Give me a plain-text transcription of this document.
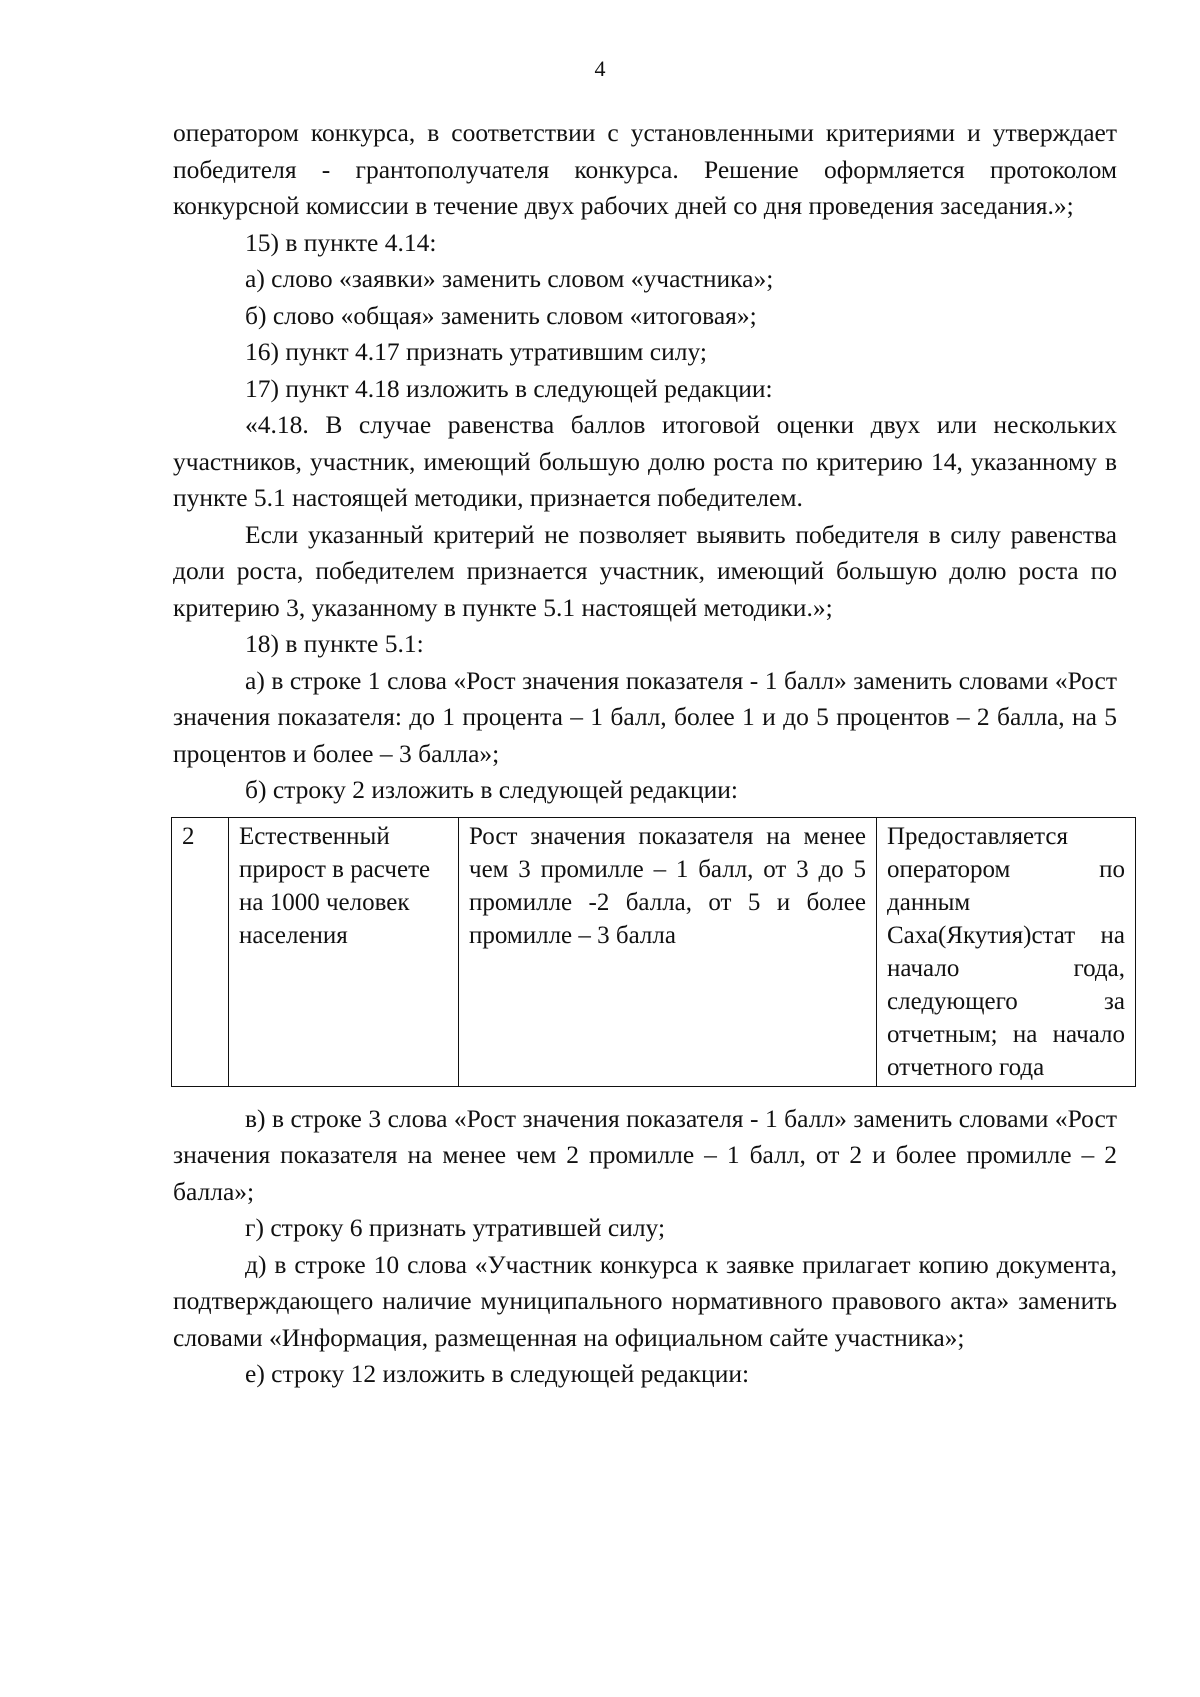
4

оператором конкурса, в соответствии с установленными критериями и утверждает победителя - грантополучателя конкурса. Решение оформляется протоколом конкурсной комиссии в течение двух рабочих дней со дня проведения заседания.»;

15) в пункте 4.14:

а) слово «заявки» заменить словом «участника»;

б) слово «общая» заменить словом «итоговая»;

16) пункт 4.17 признать утратившим силу;

17) пункт 4.18 изложить в следующей редакции:

«4.18. В случае равенства баллов итоговой оценки двух или нескольких участников, участник, имеющий большую долю роста по критерию 14, указанному в пункте 5.1 настоящей методики, признается победителем.

Если указанный критерий не позволяет выявить победителя в силу равенства доли роста, победителем признается участник, имеющий большую долю роста по критерию 3, указанному в пункте 5.1 настоящей методики.»;

18) в пункте 5.1:

а) в строке 1 слова «Рост значения показателя - 1 балл» заменить словами «Рост значения показателя: до 1 процента – 1 балл, более 1 и до 5 процентов – 2 балла, на 5 процентов и более – 3 балла»;

б) строку 2 изложить в следующей редакции:

2	Естественный прирост в расчете на 1000 человек населения	Рост значения показателя на менее чем 3 промилле – 1 балл, от 3 до 5 промилле -2 балла, от 5 и более промилле – 3 балла	Предоставляется оператором по данным Саха(Якутия)стат на начало года, следующего за отчетным; на начало отчетного года

в) в строке 3 слова «Рост значения показателя - 1 балл» заменить словами «Рост значения показателя на менее чем 2 промилле – 1 балл, от 2 и более промилле – 2 балла»;

г) строку 6 признать утратившей силу;

д) в строке 10 слова «Участник конкурса к заявке прилагает копию документа, подтверждающего наличие муниципального нормативного правового акта» заменить словами «Информация, размещенная на официальном сайте участника»;

е) строку 12 изложить в следующей редакции:
